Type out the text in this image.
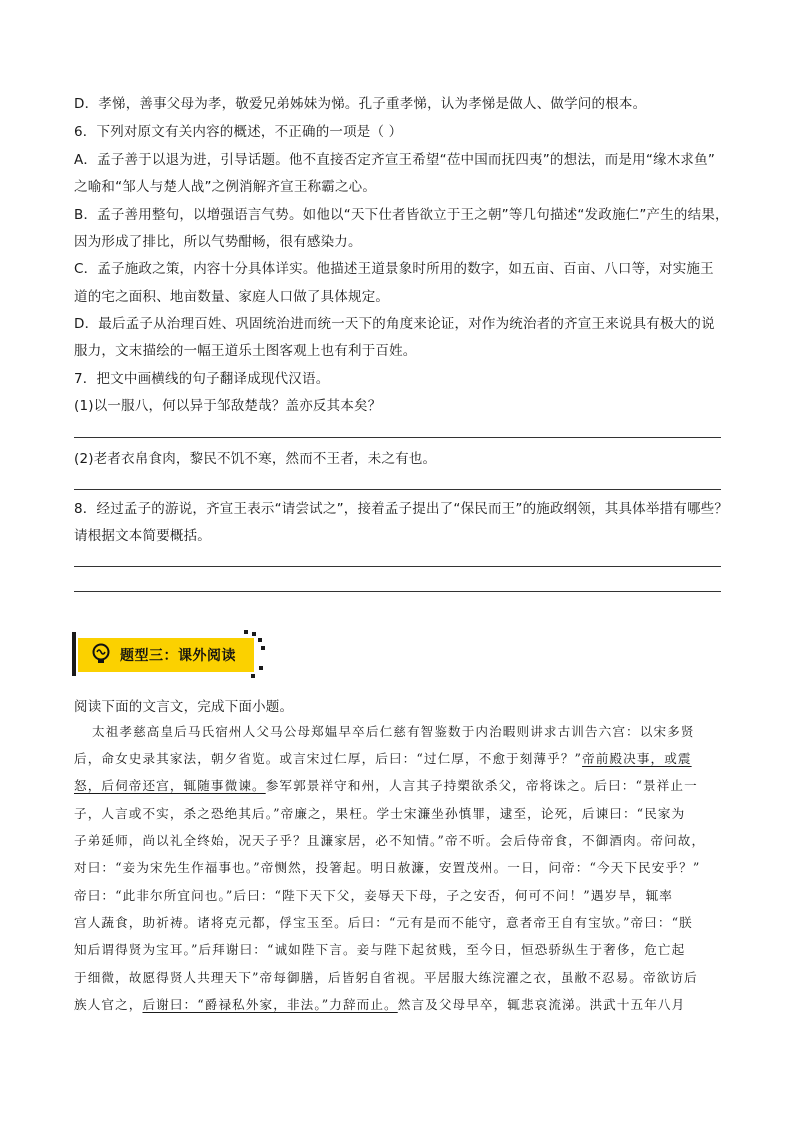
D．孝悌，善事父母为孝，敬爱兄弟姊妹为悌。孔子重孝悌，认为孝悌是做人、做学问的根本。
6．下列对原文有关内容的概述，不正确的一项是（ ）
A．孟子善于以退为进，引导话题。他不直接否定齐宣王希望“莅中国而抚四夷”的想法，而是用“缘木求鱼”
之喻和“邹人与楚人战”之例消解齐宣王称霸之心。
B．孟子善用整句，以增强语言气势。如他以“天下仕者皆欲立于王之朝”等几句描述“发政施仁”产生的结果，
因为形成了排比，所以气势酣畅，很有感染力。
C．孟子施政之策，内容十分具体详实。他描述王道景象时所用的数字，如五亩、百亩、八口等，对实施王
道的宅之面积、地亩数量、家庭人口做了具体规定。
D．最后孟子从治理百姓、巩固统治进而统一天下的角度来论证，对作为统治者的齐宣王来说具有极大的说
服力，文末描绘的一幅王道乐土图客观上也有利于百姓。
7．把文中画横线的句子翻译成现代汉语。
(1)以一服八，何以异于邹敌楚哉？盖亦反其本矣？
(2)老者衣帛食肉，黎民不饥不寒，然而不王者，未之有也。
8．经过孟子的游说，齐宣王表示“请尝试之”，接着孟子提出了“保民而王”的施政纲领，其具体举措有哪些？
请根据文本简要概括。
题型三：课外阅读
阅读下面的文言文，完成下面小题。
太祖孝慈高皇后马氏宿州人父马公母郑媪早卒后仁慈有智鉴数于内治暇则讲求古训告六宫：以宋多贤
后，命女史录其家法，朝夕省览。或言宋过仁厚，后曰：“过仁厚，不愈于刻薄乎？”帝前殿决事，或震
怒，后伺帝还宫，辄随事微谏。参军郭景祥守和州，人言其子持槊欲杀父，帝将诛之。后曰：“景祥止一
子，人言或不实，杀之恐绝其后。”帝廉之，果枉。学士宋濂坐孙慎罪，逮至，论死，后谏曰：“民家为
子弟延师，尚以礼全终始，况天子乎？且濂家居，必不知情。”帝不听。会后侍帝食，不御酒肉。帝问故，
对曰：“妾为宋先生作福事也。”帝恻然，投箸起。明日赦濂，安置茂州。一日，问帝：“今天下民安乎？”
帝曰：“此非尔所宜问也。”后曰：“陛下天下父，妾辱天下母，子之安否，何可不问！”遇岁旱，辄率
宫人蔬食，助祈祷。诸将克元都，俘宝玉至。后曰：“元有是而不能守，意者帝王自有宝欤。”帝曰：“朕
知后谓得贤为宝耳。”后拜谢曰：“诚如陛下言。妾与陛下起贫贱，至今日，恒恐骄纵生于奢侈，危亡起
于细微，故愿得贤人共理天下”帝每御膳，后皆躬自省视。平居服大练浣濯之衣，虽敝不忍易。帝欲访后
族人官之，后谢曰：“爵禄私外家，非法。”力辞而止。然言及父母早卒，辄悲哀流涕。洪武十五年八月
